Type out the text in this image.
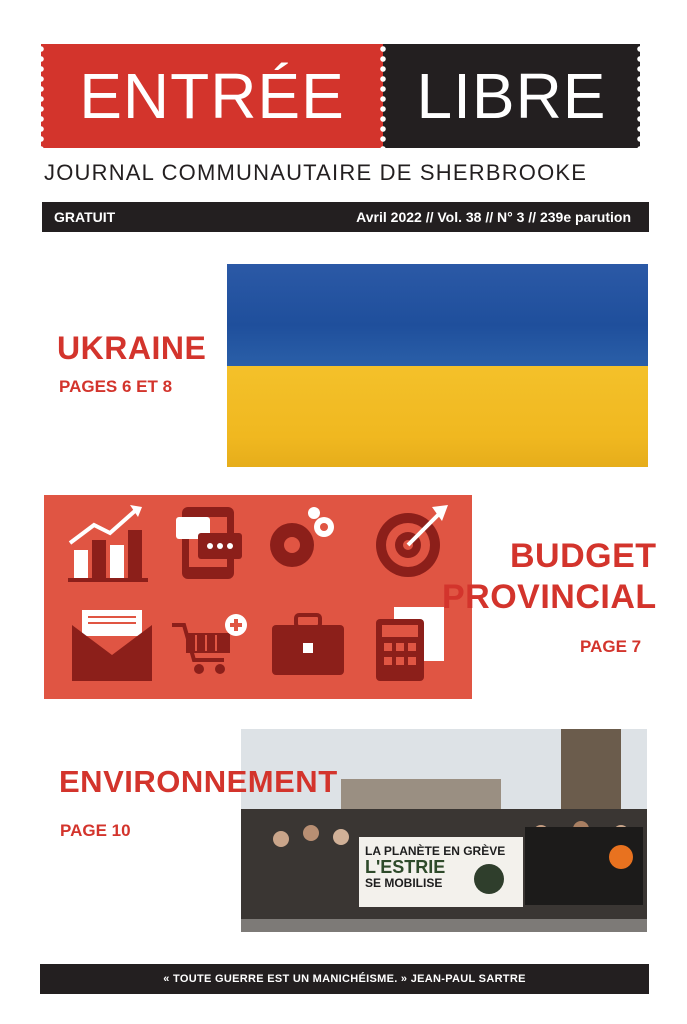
ENTRÉE LIBRE
JOURNAL COMMUNAUTAIRE DE SHERBROOKE
GRATUIT	Avril 2022 // Vol. 38 // N° 3 // 239e parution
UKRAINE
PAGES 6 ET 8
BUDGET
PROVINCIAL
PAGE 7
LA PLANÈTE EN GRÈVE
L'ESTRIE
SE MOBILISE
ENVIRONNEMENT
PAGE 10
« TOUTE GUERRE EST UN MANICHÉISME. » JEAN-PAUL SARTRE
